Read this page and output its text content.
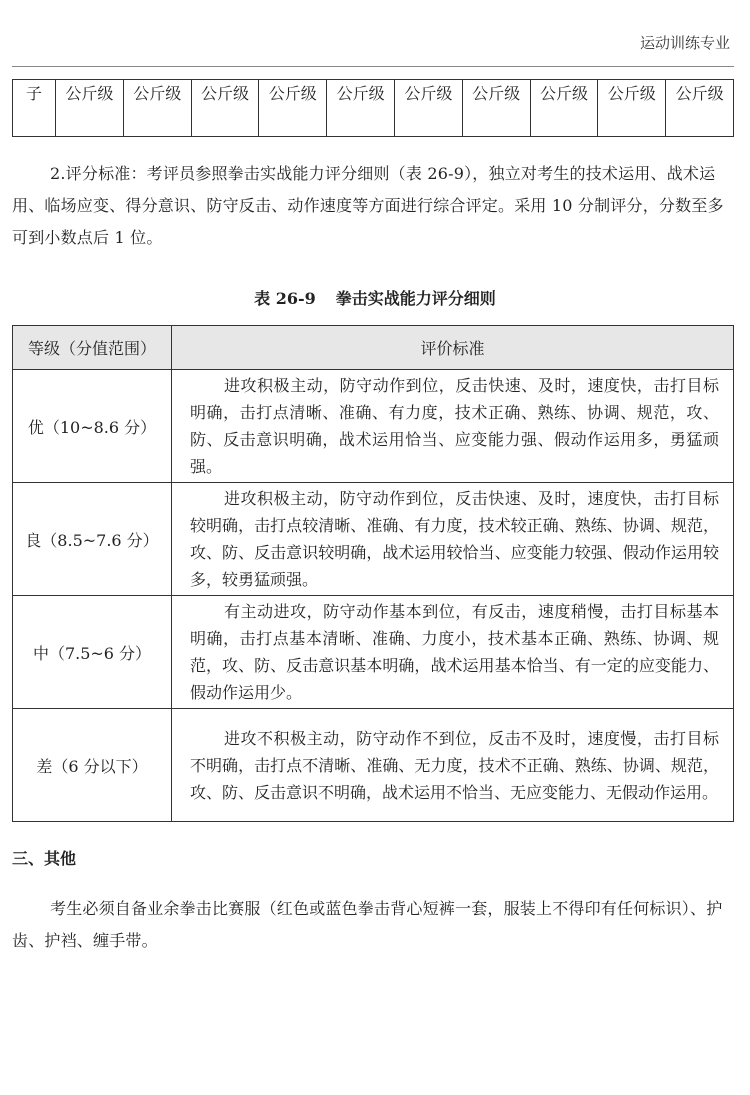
运动训练专业
子	公斤级	公斤级	公斤级	公斤级	公斤级	公斤级	公斤级	公斤级	公斤级	公斤级

2.评分标准：考评员参照拳击实战能力评分细则（表 26-9），独立对考生的技术运用、战术运用、临场应变、得分意识、防守反击、动作速度等方面进行综合评定。采用 10 分制评分，分数至多可到小数点后 1 位。

表 26-9 拳击实战能力评分细则
等级（分值范围）	评价标准
优（10~8.6 分）	进攻积极主动，防守动作到位，反击快速、及时，速度快，击打目标明确，击打点清晰、准确、有力度，技术正确、熟练、协调、规范，攻、防、反击意识明确，战术运用恰当、应变能力强、假动作运用多，勇猛顽强。
良（8.5~7.6 分）	进攻积极主动，防守动作到位，反击快速、及时，速度快，击打目标较明确，击打点较清晰、准确、有力度，技术较正确、熟练、协调、规范，攻、防、反击意识较明确，战术运用较恰当、应变能力较强、假动作运用较多，较勇猛顽强。
中（7.5~6 分）	有主动进攻，防守动作基本到位，有反击，速度稍慢，击打目标基本明确，击打点基本清晰、准确、力度小，技术基本正确、熟练、协调、规范，攻、防、反击意识基本明确，战术运用基本恰当、有一定的应变能力、假动作运用少。
差（6 分以下）	进攻不积极主动，防守动作不到位，反击不及时，速度慢，击打目标不明确，击打点不清晰、准确、无力度，技术不正确、熟练、协调、规范，攻、防、反击意识不明确，战术运用不恰当、无应变能力、无假动作运用。
三、其他

考生必须自备业余拳击比赛服（红色或蓝色拳击背心短裤一套，服装上不得印有任何标识）、护齿、护裆、缠手带。
